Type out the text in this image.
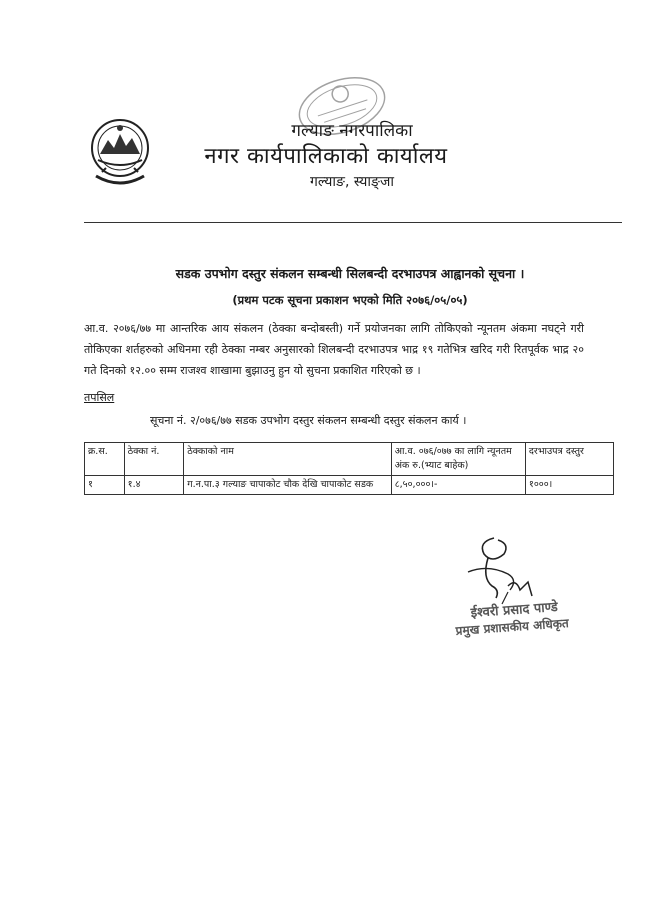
गल्याङ नगरपालिका
नगर कार्यपालिकाको कार्यालय
गल्याङ, स्याङ्जा
सडक उपभोग दस्तुर संकलन सम्बन्धी सिलबन्दी दरभाउपत्र आह्वानको सूचना ।
(प्रथम पटक सूचना प्रकाशन भएको मिति २०७६/०५/०५)
आ.व. २०७६/७७ मा आन्तरिक आय संकलन (ठेक्का बन्दोबस्ती) गर्ने प्रयोजनका लागि तोकिएको न्यूनतम अंकमा नघट्ने गरी तोकिएका शर्तहरुको अधिनमा रही ठेक्का नम्बर अनुसारको शिलबन्दी दरभाउपत्र भाद्र १९ गतेभित्र खरिद गरी रितपूर्वक भाद्र २० गते दिनको १२.०० सम्म राजश्व शाखामा बुझाउनु हुन यो सुचना प्रकाशित गरिएको छ ।
तपसिल
सूचना नं. २/०७६/७७ सडक उपभोग दस्तुर संकलन सम्बन्धी दस्तुर संकलन कार्य ।
क्र.स.	ठेक्का नं.	ठेक्काको नाम	आ.व. ०७६/०७७ का लागि न्यूनतम अंक रु.(भ्याट बाहेक)	दरभाउपत्र दस्तुर
१	१.४	ग.न.पा.३ गल्याङ चापाकोट चौक देखि चापाकोट सडक	८,५०,०००।-	१०००।
ईश्वरी प्रसाद पाण्डे
प्रमुख प्रशासकीय अधिकृत
